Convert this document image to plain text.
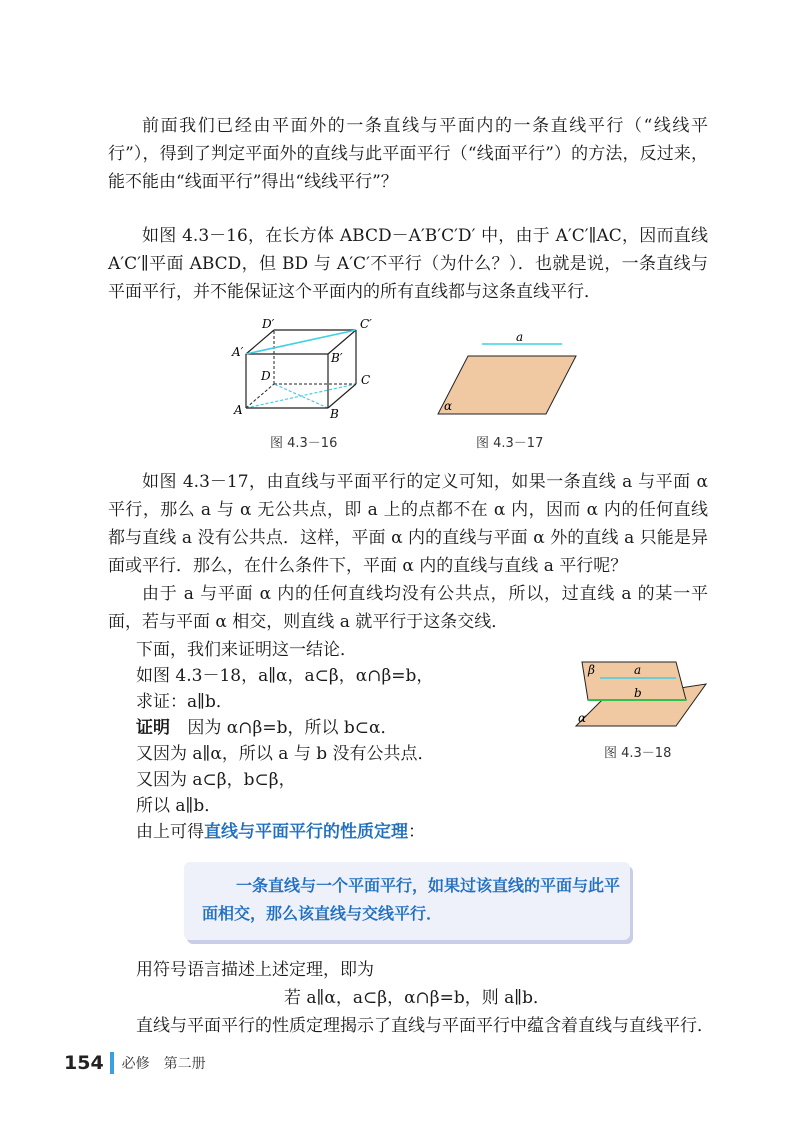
前面我们已经由平面外的一条直线与平面内的一条直线平行（“线线平行”），得到了判定平面外的直线与此平面平行（“线面平行”）的方法，反过来，能不能由“线面平行”得出“线线平行”？

如图 4.3－16，在长方体 ABCD－A′B′C′D′ 中，由于 A′C′∥AC，因而直线 A′C′∥平面 ABCD，但 BD 与 A′C′不平行（为什么？）．也就是说，一条直线与平面平行，并不能保证这个平面内的所有直线都与这条直线平行．

D′	C′
A′	B′
D	C
A	B
图 4.3－16
a
α
图 4.3－17

如图 4.3－17，由直线与平面平行的定义可知，如果一条直线 a 与平面 α 平行，那么 a 与 α 无公共点，即 a 上的点都不在 α 内，因而 α 内的任何直线都与直线 a 没有公共点．这样，平面 α 内的直线与平面 α 外的直线 a 只能是异面或平行．那么，在什么条件下，平面 α 内的直线与直线 a 平行呢？

由于 a 与平面 α 内的任何直线均没有公共点，所以，过直线 a 的某一平面，若与平面 α 相交，则直线 a 就平行于这条交线．

下面，我们来证明这一结论．
如图 4.3－18，a∥α，a⊂β，α∩β=b，
求证：a∥b．
证明 因为 α∩β=b，所以 b⊂α．
又因为 a∥α，所以 a 与 b 没有公共点．
又因为 a⊂β，b⊂β，
所以 a∥b．
由上可得直线与平面平行的性质定理：
β	a
b
α
图 4.3－18
一条直线与一个平面平行，如果过该直线的平面与此平面相交，那么该直线与交线平行．
用符号语言描述上述定理，即为
若 a∥α，a⊂β，α∩β=b，则 a∥b．
直线与平面平行的性质定理揭示了直线与平面平行中蕴含着直线与直线平行．
154 必修　第二册
